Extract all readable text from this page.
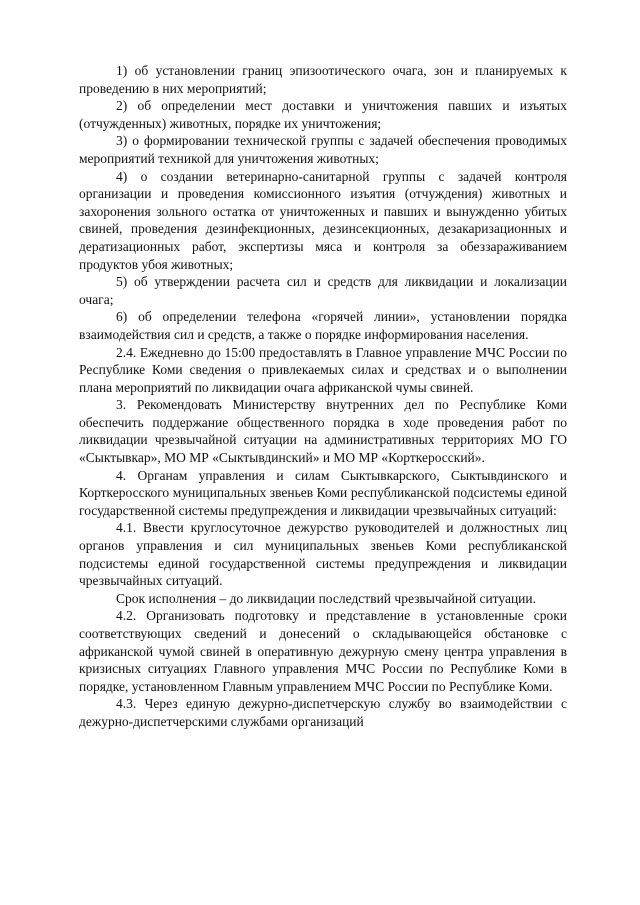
1) об установлении границ эпизоотического очага, зон и планируемых к проведению в них мероприятий;

2) об определении мест доставки и уничтожения павших и изъятых (отчужденных) животных, порядке их уничтожения;

3) о формировании технической группы с задачей обеспечения проводимых мероприятий техникой для уничтожения животных;

4) о создании ветеринарно-санитарной группы с задачей контроля организации и проведения комиссионного изъятия (отчуждения) животных и захоронения зольного остатка от уничтоженных и павших и вынужденно убитых свиней, проведения дезинфекционных, дезинсекционных, дезакаризационных и дератизационных работ, экспертизы мяса и контроля за обеззараживанием продуктов убоя животных;

5) об утверждении расчета сил и средств для ликвидации и локализации очага;

6) об определении телефона «горячей линии», установлении порядка взаимодействия сил и средств, а также о порядке информирования населения.

2.4. Ежедневно до 15:00 предоставлять в Главное управление МЧС России по Республике Коми сведения о привлекаемых силах и средствах и о выполнении плана мероприятий по ликвидации очага африканской чумы свиней.

3. Рекомендовать Министерству внутренних дел по Республике Коми обеспечить поддержание общественного порядка в ходе проведения работ по ликвидации чрезвычайной ситуации на административных территориях МО ГО «Сыктывкар», МО МР «Сыктывдинский» и МО МР «Корткеросский».

4. Органам управления и силам Сыктывкарского, Сыктывдинского и Корткеросского муниципальных звеньев Коми республиканской подсистемы единой государственной системы предупреждения и ликвидации чрезвычайных ситуаций:

4.1. Ввести круглосуточное дежурство руководителей и должностных лиц органов управления и сил муниципальных звеньев Коми республиканской подсистемы единой государственной системы предупреждения и ликвидации чрезвычайных ситуаций.

Срок исполнения – до ликвидации последствий чрезвычайной ситуации.

4.2. Организовать подготовку и представление в установленные сроки соответствующих сведений и донесений о складывающейся обстановке с африканской чумой свиней в оперативную дежурную смену центра управления в кризисных ситуациях Главного управления МЧС России по Республике Коми в порядке, установленном Главным управлением МЧС России по Республике Коми.

4.3. Через единую дежурно-диспетчерскую службу во взаимодействии с дежурно-диспетчерскими службами организаций
